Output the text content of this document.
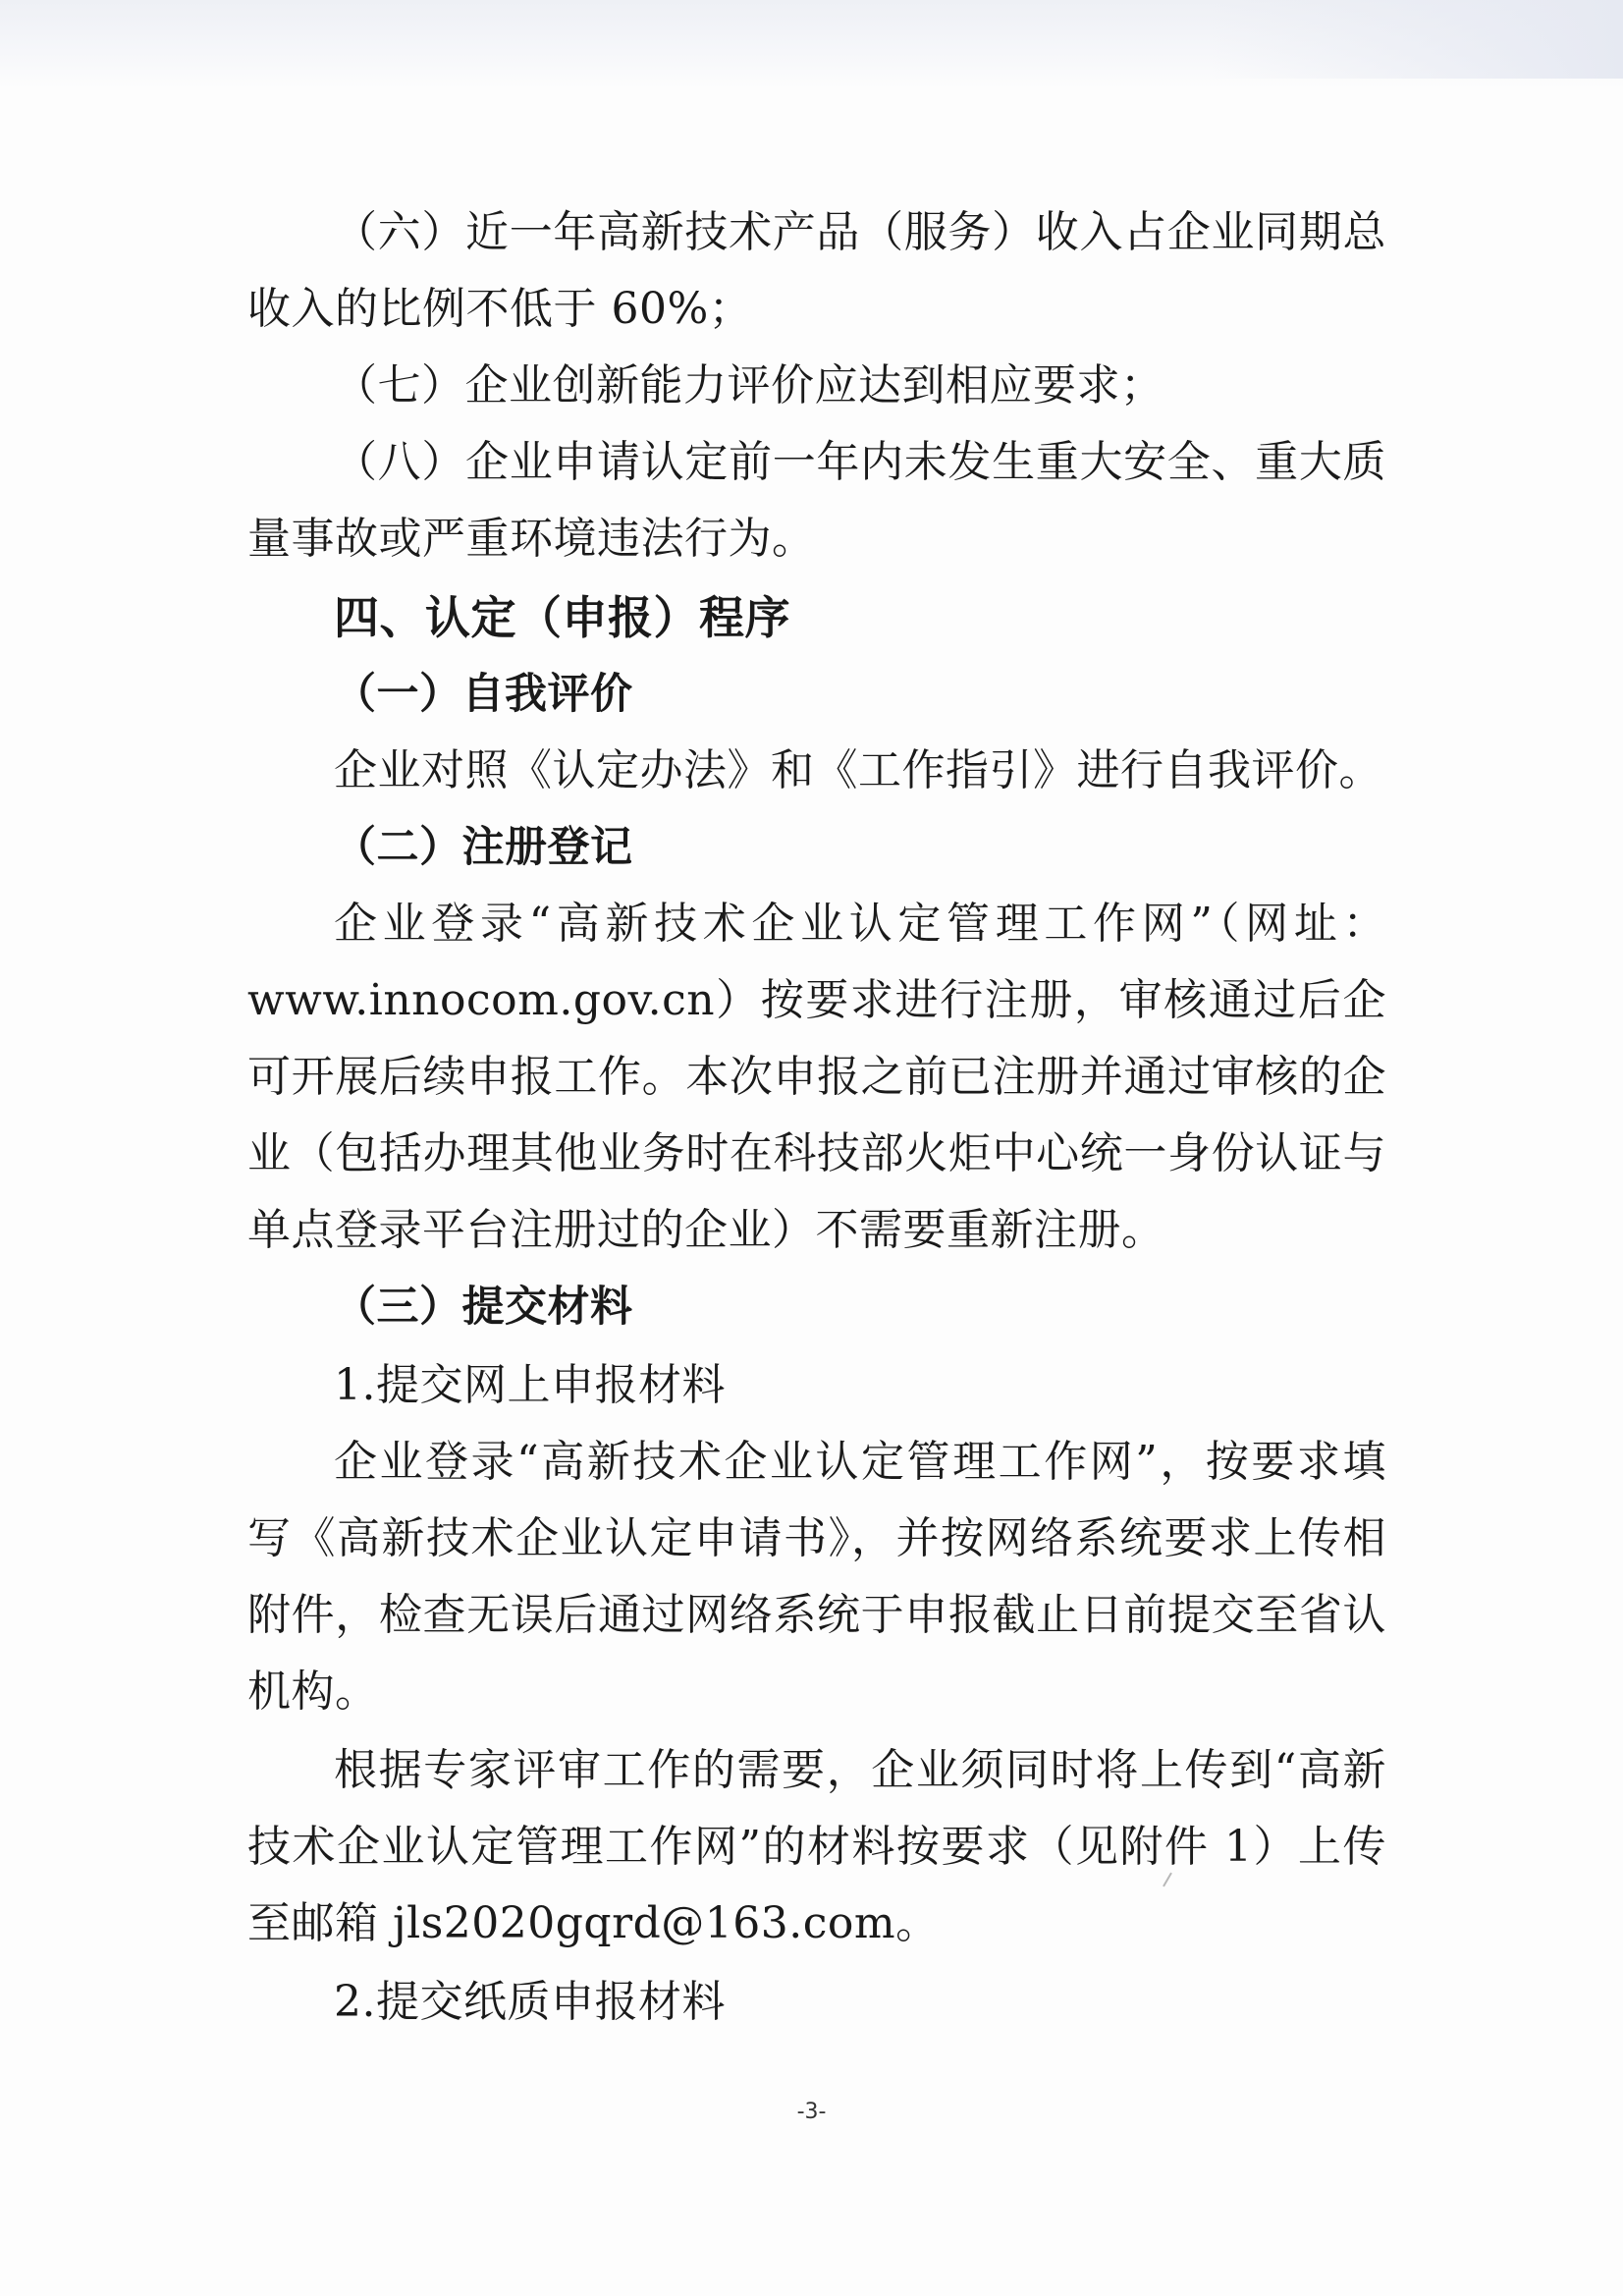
（六）近一年高新技术产品（服务）收入占企业同期总
收入的比例不低于 60%；
（七）企业创新能力评价应达到相应要求；
（八）企业申请认定前一年内未发生重大安全、重大质
量事故或严重环境违法行为。
四、认定（申报）程序
（一）自我评价
企业对照《认定办法》和《工作指引》进行自我评价。
（二）注册登记
企业登录“高新技术企业认定管理工作网”（网址：
www.innocom.gov.cn）按要求进行注册，审核通过后企
可开展后续申报工作。本次申报之前已注册并通过审核的企
业（包括办理其他业务时在科技部火炬中心统一身份认证与
单点登录平台注册过的企业）不需要重新注册。
（三）提交材料
1.提交网上申报材料
企业登录“高新技术企业认定管理工作网”，按要求填
写《高新技术企业认定申请书》，并按网络系统要求上传相
附件，检查无误后通过网络系统于申报截止日前提交至省认
机构。
根据专家评审工作的需要，企业须同时将上传到“高新
技术企业认定管理工作网”的材料按要求（见附件 1）上传
至邮箱 jls2020gqrd@163.com。
2.提交纸质申报材料
-3-
